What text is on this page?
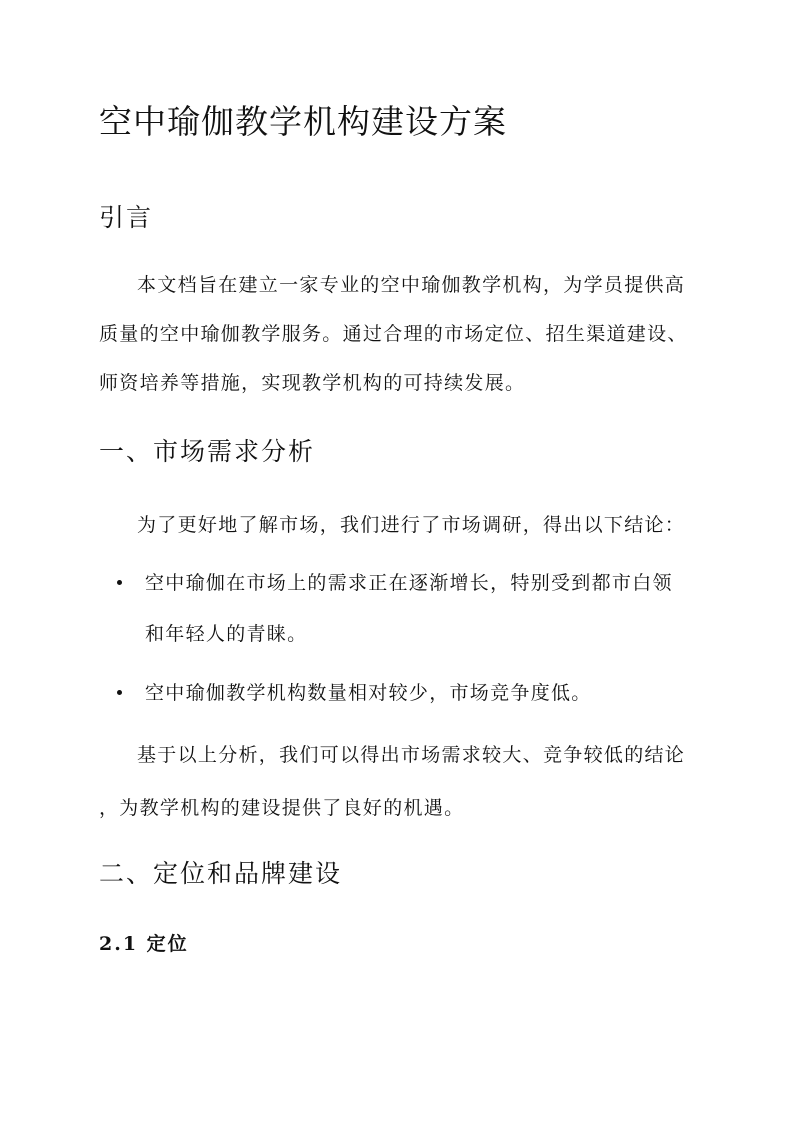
空中瑜伽教学机构建设方案
引言
本文档旨在建立一家专业的空中瑜伽教学机构，为学员提供高
质量的空中瑜伽教学服务。通过合理的市场定位、招生渠道建设、
师资培养等措施，实现教学机构的可持续发展。
一、市场需求分析
为了更好地了解市场，我们进行了市场调研，得出以下结论：
空中瑜伽在市场上的需求正在逐渐增长，特别受到都市白领
和年轻人的青睐。
空中瑜伽教学机构数量相对较少，市场竞争度低。
基于以上分析，我们可以得出市场需求较大、竞争较低的结论
，为教学机构的建设提供了良好的机遇。
二、定位和品牌建设
2.1 定位
